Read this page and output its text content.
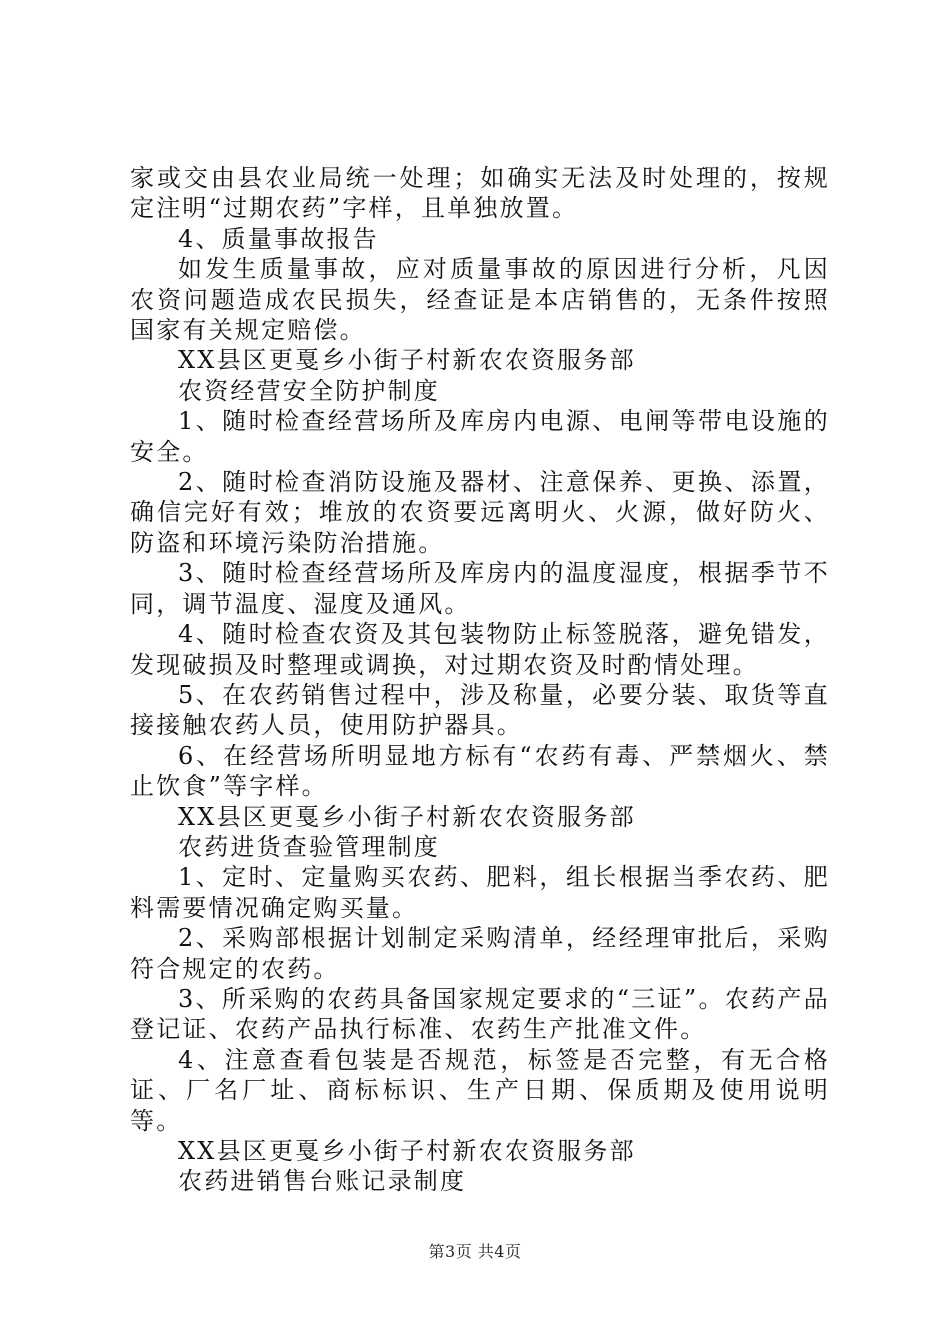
家或交由县农业局统一处理；如确实无法及时处理的，按规定注明“过期农药”字样，且单独放置。

4、质量事故报告

如发生质量事故，应对质量事故的原因进行分析，凡因农资问题造成农民损失，经查证是本店销售的，无条件按照国家有关规定赔偿。

XX县区更戛乡小街子村新农农资服务部

农资经营安全防护制度

1、随时检查经营场所及库房内电源、电闸等带电设施的安全。

2、随时检查消防设施及器材、注意保养、更换、添置，确信完好有效；堆放的农资要远离明火、火源，做好防火、防盗和环境污染防治措施。

3、随时检查经营场所及库房内的温度湿度，根据季节不同，调节温度、湿度及通风。

4、随时检查农资及其包装物防止标签脱落，避免错发，发现破损及时整理或调换，对过期农资及时酌情处理。

5、在农药销售过程中，涉及称量，必要分装、取货等直接接触农药人员，使用防护器具。

6、在经营场所明显地方标有“农药有毒、严禁烟火、禁止饮食”等字样。

XX县区更戛乡小街子村新农农资服务部

农药进货查验管理制度

1、定时、定量购买农药、肥料，组长根据当季农药、肥料需要情况确定购买量。

2、采购部根据计划制定采购清单，经经理审批后，采购符合规定的农药。

3、所采购的农药具备国家规定要求的“三证”。农药产品登记证、农药产品执行标准、农药生产批准文件。

4、注意查看包装是否规范，标签是否完整，有无合格证、厂名厂址、商标标识、生产日期、保质期及使用说明等。

XX县区更戛乡小街子村新农农资服务部

农药进销售台账记录制度

第3页 共4页
